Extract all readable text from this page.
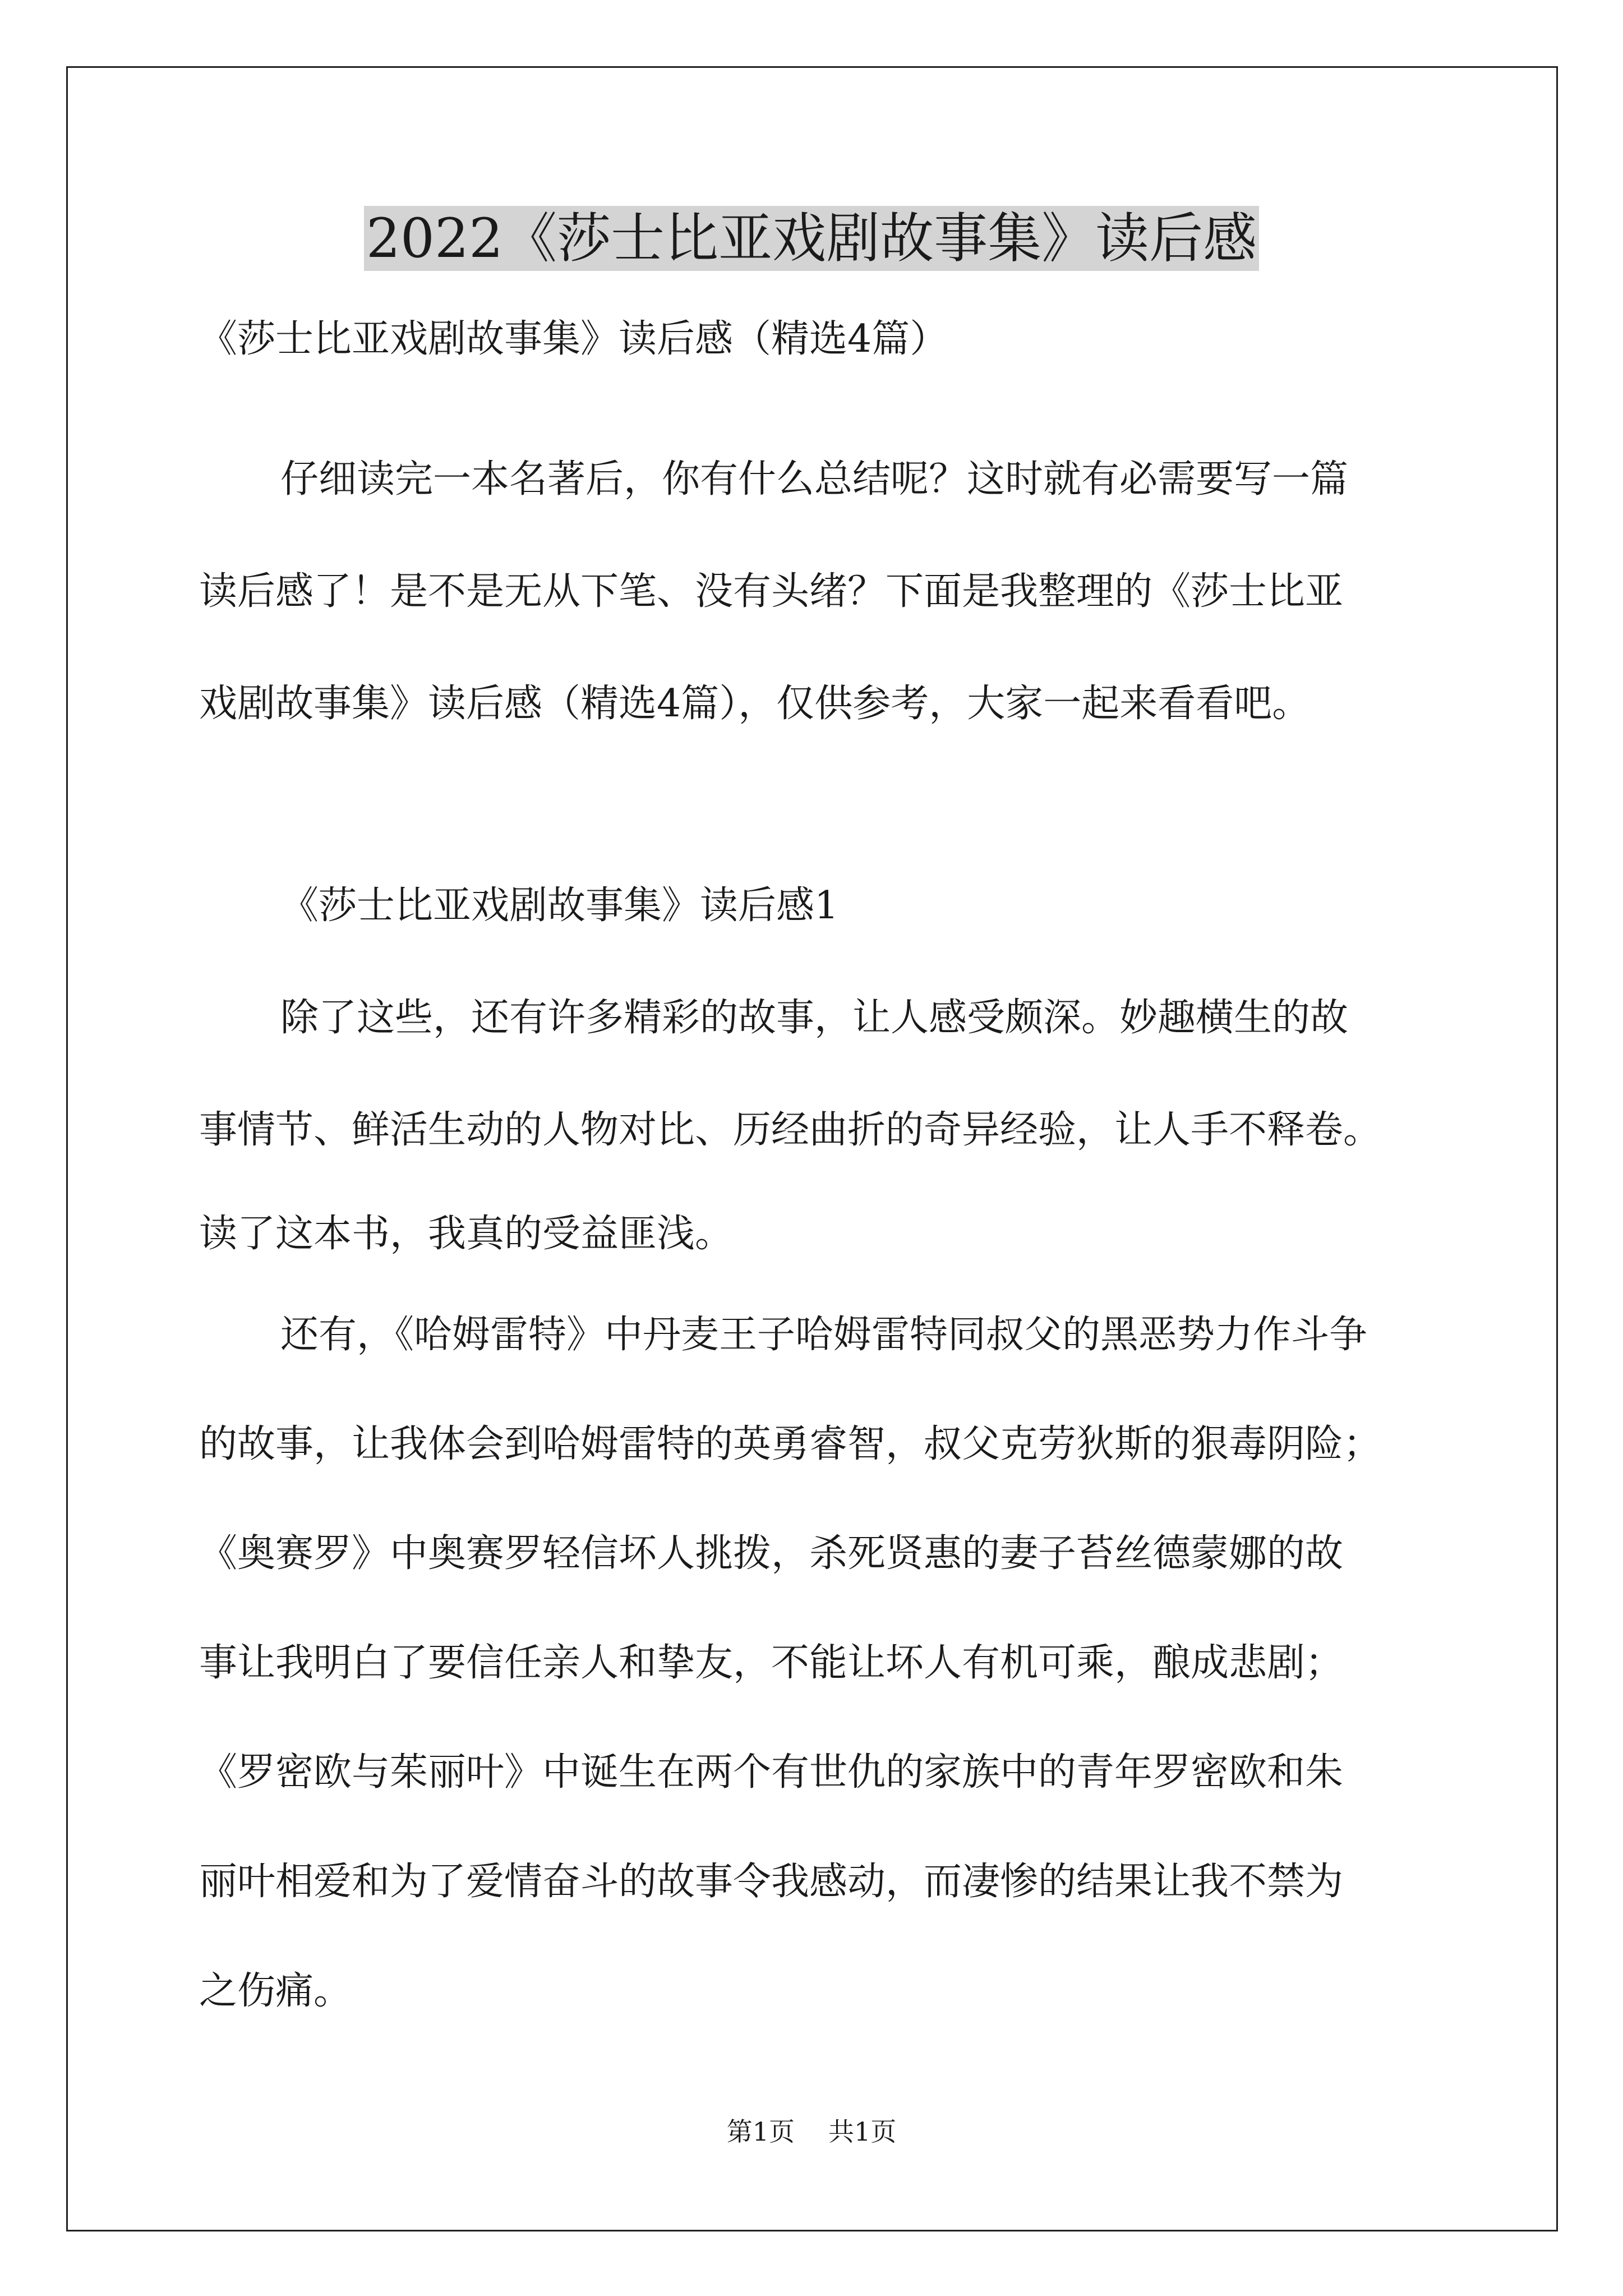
2022《莎士比亚戏剧故事集》读后感
《莎士比亚戏剧故事集》读后感（精选4篇）
仔细读完一本名著后，你有什么总结呢？这时就有必需要写一篇
读后感了！是不是无从下笔、没有头绪？下面是我整理的《莎士比亚
戏剧故事集》读后感（精选4篇），仅供参考，大家一起来看看吧。
《莎士比亚戏剧故事集》读后感1
除了这些，还有许多精彩的故事，让人感受颇深。妙趣横生的故
事情节、鲜活生动的人物对比、历经曲折的奇异经验，让人手不释卷。
读了这本书，我真的受益匪浅。
还有，《哈姆雷特》中丹麦王子哈姆雷特同叔父的黑恶势力作斗争
的故事，让我体会到哈姆雷特的英勇睿智，叔父克劳狄斯的狠毒阴险；
《奥赛罗》中奥赛罗轻信坏人挑拨，杀死贤惠的妻子苔丝德蒙娜的故
事让我明白了要信任亲人和挚友，不能让坏人有机可乘，酿成悲剧；
《罗密欧与茱丽叶》中诞生在两个有世仇的家族中的青年罗密欧和朱
丽叶相爱和为了爱情奋斗的故事令我感动，而凄惨的结果让我不禁为
之伤痛。
第1页 共1页
